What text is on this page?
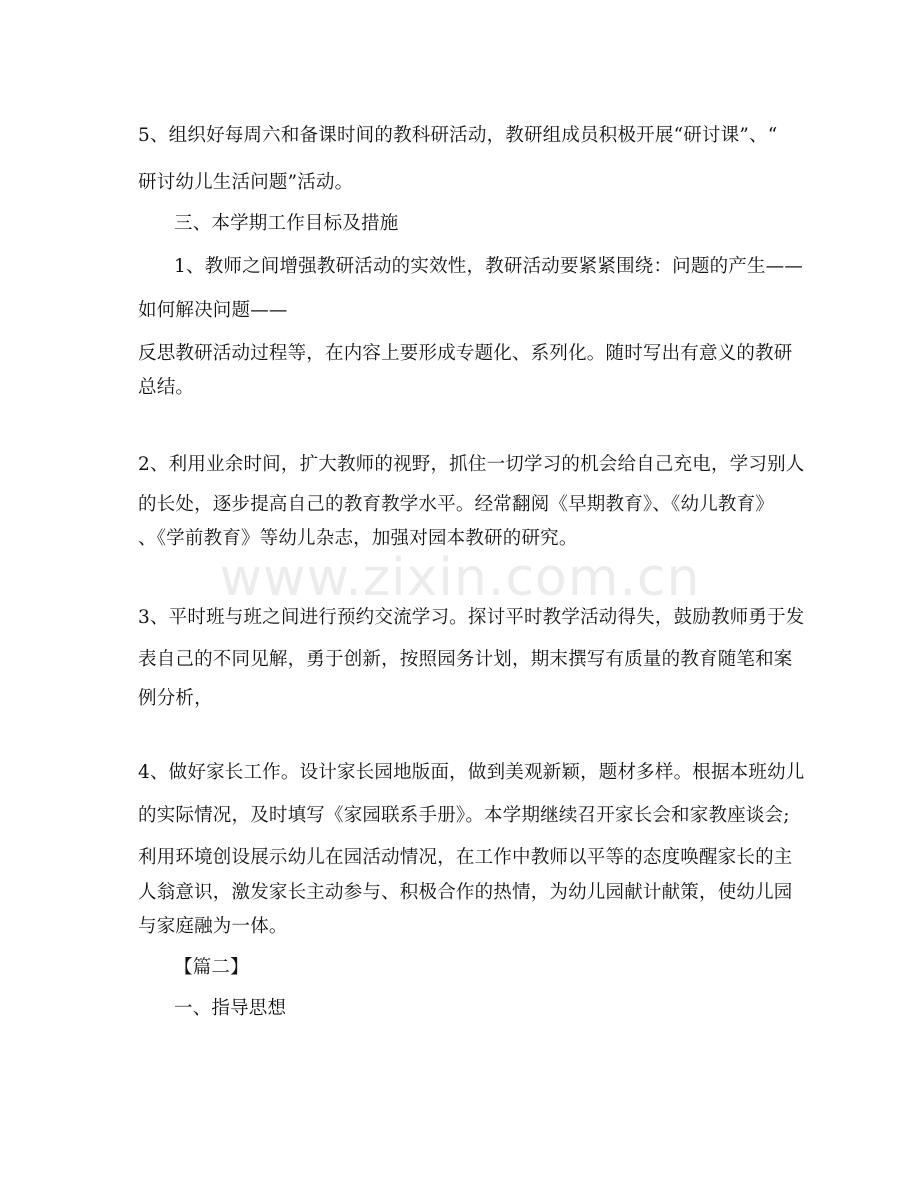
5、组织好每周六和备课时间的教科研活动，教研组成员积极开展“研讨课”、“
研讨幼儿生活问题”活动。
三、本学期工作目标及措施
1、教师之间增强教研活动的实效性，教研活动要紧紧围绕：问题的产生——
如何解决问题——
反思教研活动过程等，在内容上要形成专题化、系列化。随时写出有意义的教研
总结。
2、利用业余时间，扩大教师的视野，抓住一切学习的机会给自己充电，学习别人
的长处，逐步提高自己的教育教学水平。经常翻阅《早期教育》、《幼儿教育》
、《学前教育》等幼儿杂志，加强对园本教研的研究。
3、平时班与班之间进行预约交流学习。探讨平时教学活动得失，鼓励教师勇于发
表自己的不同见解，勇于创新，按照园务计划，期末撰写有质量的教育随笔和案
例分析，
4、做好家长工作。设计家长园地版面，做到美观新颖，题材多样。根据本班幼儿
的实际情况，及时填写《家园联系手册》。本学期继续召开家长会和家教座谈会;
利用环境创设展示幼儿在园活动情况，在工作中教师以平等的态度唤醒家长的主
人翁意识，激发家长主动参与、积极合作的热情，为幼儿园献计献策，使幼儿园
与家庭融为一体。
【篇二】
一、指导思想
www.zixin.com.cn
